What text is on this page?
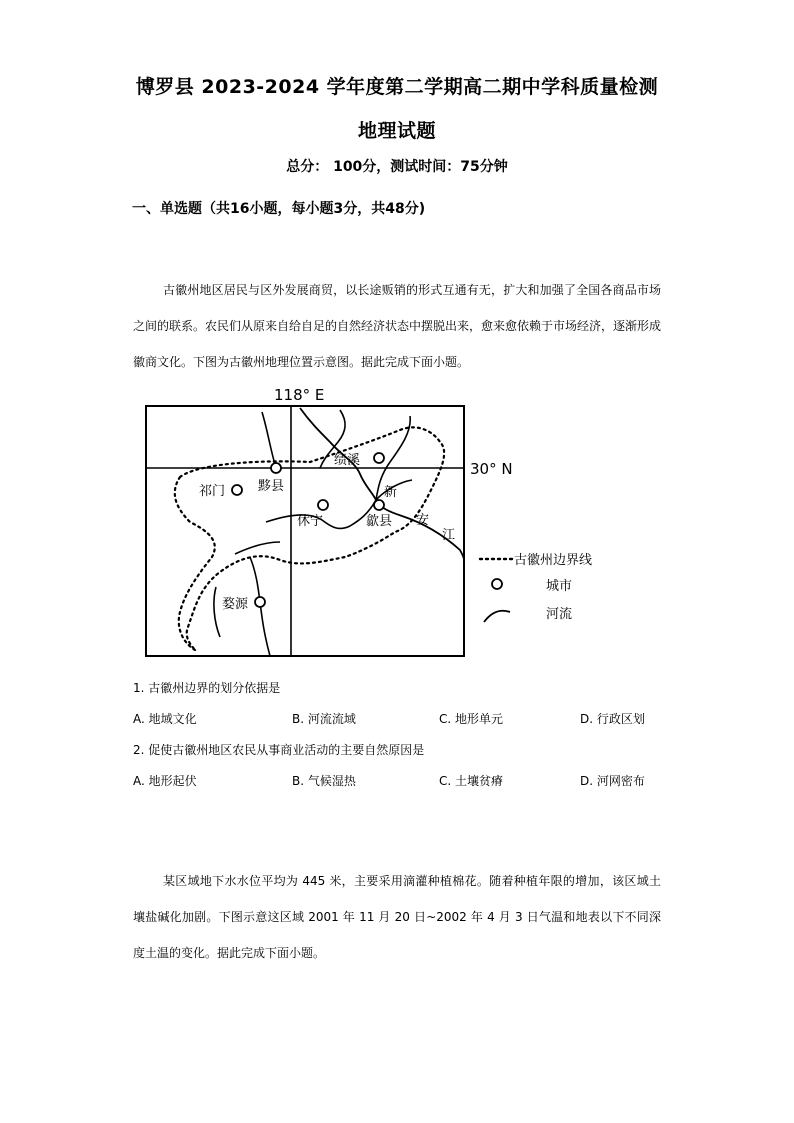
博罗县 2023-2024 学年度第二学期高二期中学科质量检测
地理试题
总分： 100分，测试时间：75分钟
一、单选题（共16小题，每小题3分，共48分)
古徽州地区居民与区外发展商贸，以长途贩销的形式互通有无，扩大和加强了全国各商品市场之间的联系。农民们从原来自给自足的自然经济状态中摆脱出来，愈来愈依赖于市场经济，逐渐形成徽商文化。下图为古徽州地理位置示意图。据此完成下面小题。
118° E
30° N
绩溪
祁门	黟县
休宁	歙县
婺源
新
安
江
古徽州边界线
城市
河流
1. 古徽州边界的划分依据是
A. 地域文化	B. 河流流域	C. 地形单元	D. 行政区划
2. 促使古徽州地区农民从事商业活动的主要自然原因是
A. 地形起伏	B. 气候湿热	C. 土壤贫瘠	D. 河网密布
某区域地下水水位平均为 445 米，主要采用滴灌种植棉花。随着种植年限的增加，该区域土壤盐碱化加剧。下图示意这区域 2001 年 11 月 20 日~2002 年 4 月 3 日气温和地表以下不同深度土温的变化。据此完成下面小题。
